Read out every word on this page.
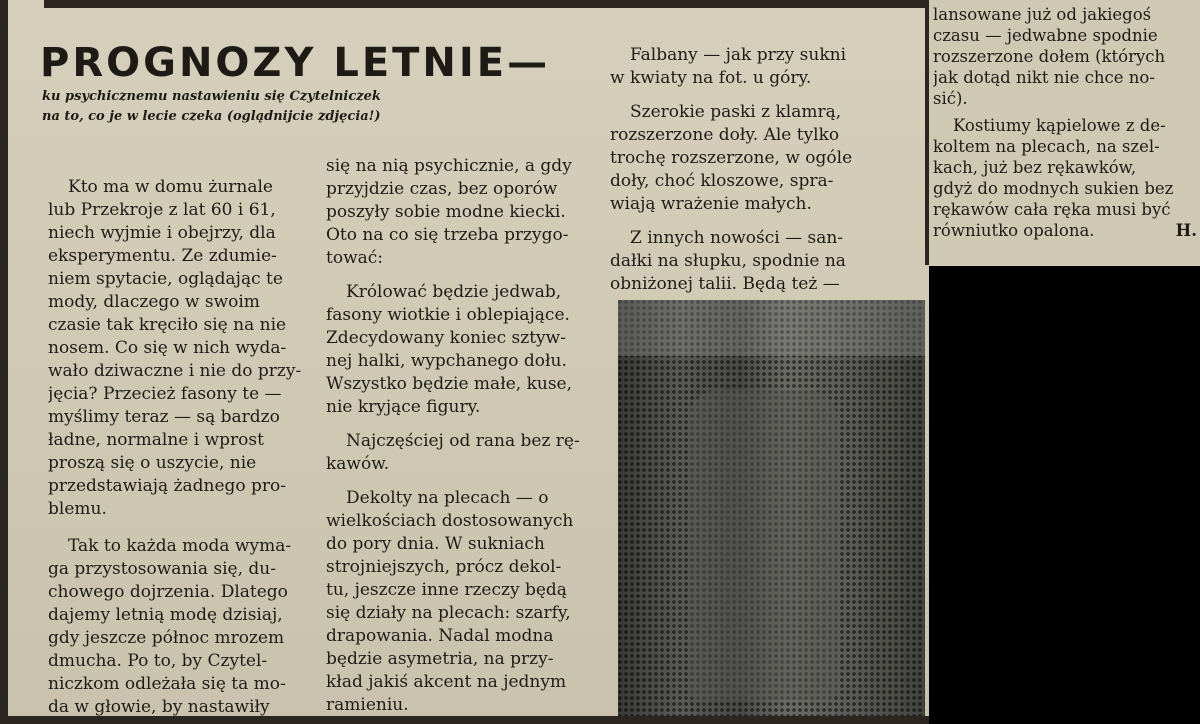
PROGNOZY LETNIE—
ku psychicznemu nastawieniu się Czytelniczek
na to, co je w lecie czeka (oglądnijcie zdjęcia!)
Kto ma w domu żurnale
lub Przekroje z lat 60 i 61,
niech wyjmie i obejrzy, dla
eksperymentu. Ze zdumie-
niem spytacie, oglądając te
mody, dlaczego w swoim
czasie tak kręciło się na nie
nosem. Co się w nich wyda-
wało dziwaczne i nie do przy-
jęcia? Przecież fasony te —
myślimy teraz — są bardzo
ładne, normalne i wprost
proszą się o uszycie, nie
przedstawiają żadnego pro-
blemu.
Tak to każda moda wyma-
ga przystosowania się, du-
chowego dojrzenia. Dlatego
dajemy letnią modę dzisiaj,
gdy jeszcze północ mrozem
dmucha. Po to, by Czytel-
niczkom odleżała się ta mo-
da w głowie, by nastawiły
się na nią psychicznie, a gdy
przyjdzie czas, bez oporów
poszyły sobie modne kiecki.
Oto na co się trzeba przygo-
tować:
Królować będzie jedwab,
fasony wiotkie i oblepiające.
Zdecydowany koniec sztyw-
nej halki, wypchanego dołu.
Wszystko będzie małe, kuse,
nie kryjące figury.
Najczęściej od rana bez rę-
kawów.
Dekolty na plecach — o
wielkościach dostosowanych
do pory dnia. W sukniach
strojniejszych, prócz dekol-
tu, jeszcze inne rzeczy będą
się działy na plecach: szarfy,
drapowania. Nadal modna
będzie asymetria, na przy-
kład jakiś akcent na jednym
ramieniu.
Falbany — jak przy sukni
w kwiaty na fot. u góry.
Szerokie paski z klamrą,
rozszerzone doły. Ale tylko
trochę rozszerzone, w ogóle
doły, choć kloszowe, spra-
wiają wrażenie małych.
Z innych nowości — san-
dałki na słupku, spodnie na
obniżonej talii. Będą też —
lansowane już od jakiegoś
czasu — jedwabne spodnie
rozszerzone dołem (których
jak dotąd nikt nie chce no-
sić).
Kostiumy kąpielowe z de-
koltem na plecach, na szel-
kach, już bez rękawków,
gdyż do modnych sukien bez
rękawów cała ręka musi być
równiutko opalona.	H.
